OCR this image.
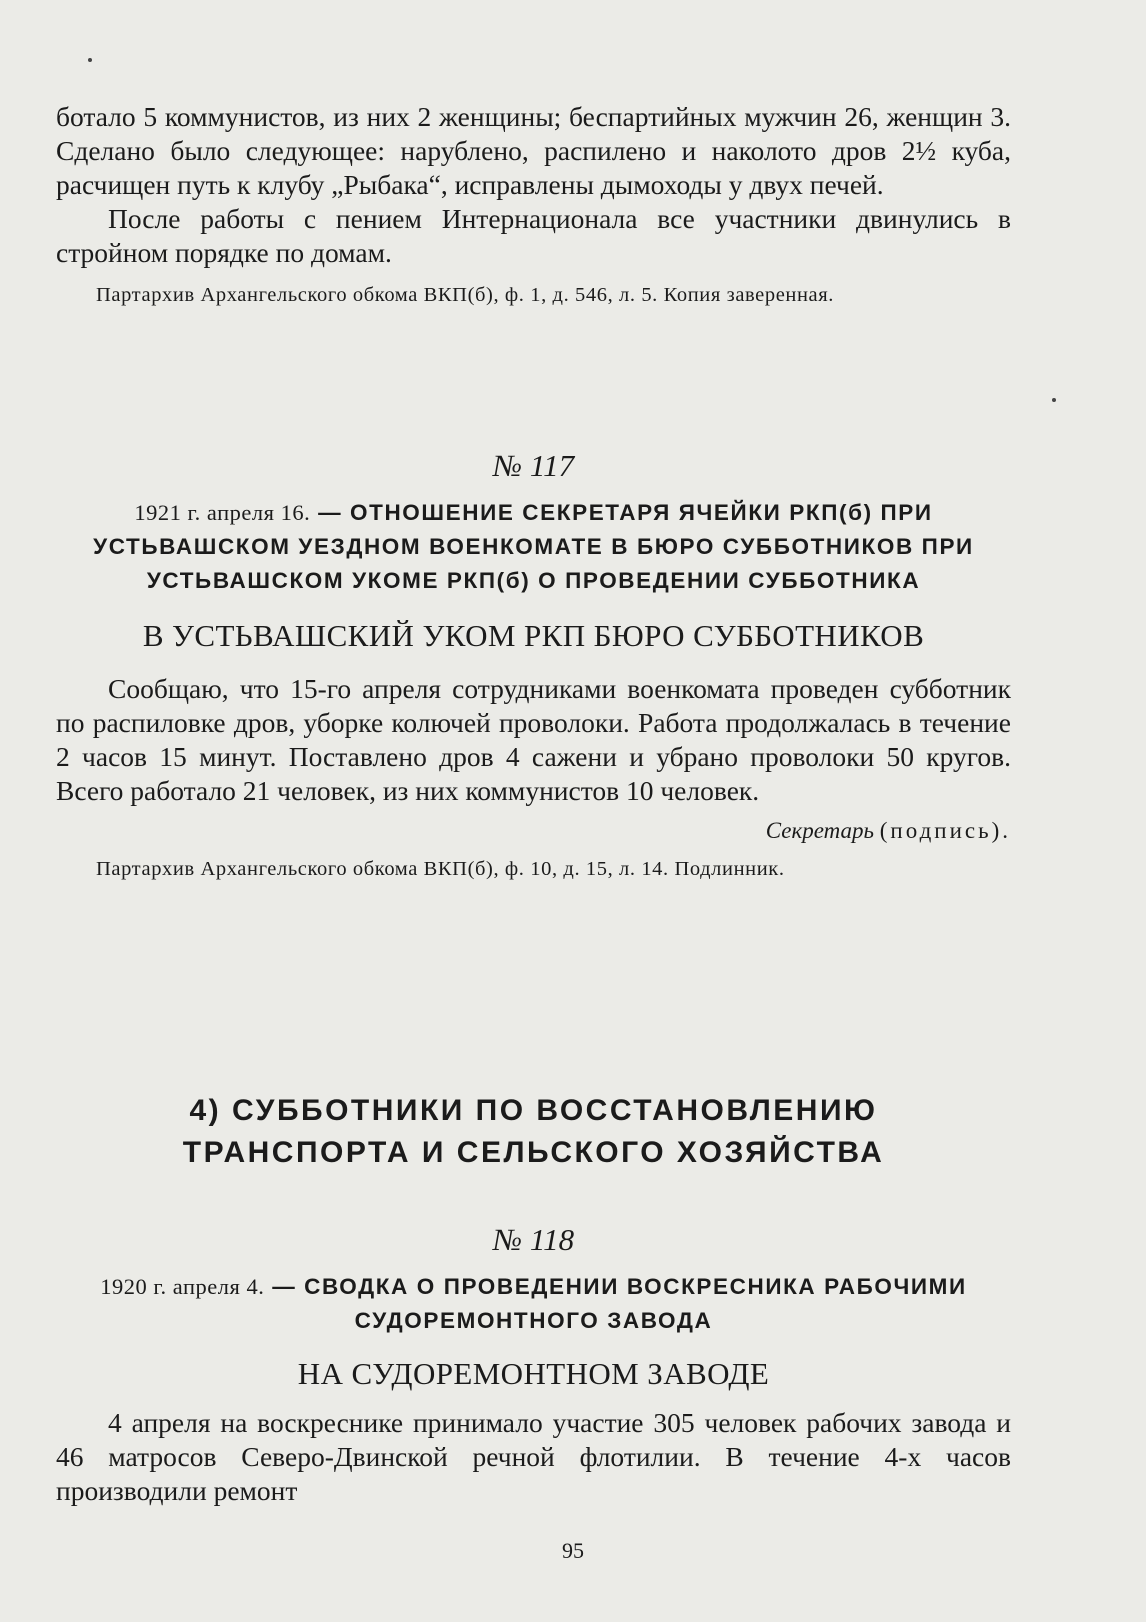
ботало 5 коммунистов, из них 2 женщины; беспартийных мужчин 26, женщин 3. Сделано было следующее: нарублено, распилено и наколото дров 2½ куба, расчищен путь к клубу „Рыбака“, исправлены дымоходы у двух печей.

После работы с пением Интернационала все участники двинулись в стройном порядке по домам.

Партархив Архангельского обкома ВКП(б), ф. 1, д. 546, л. 5. Копия заверенная.

№ 117

1921 г. апреля 16. — ОТНОШЕНИЕ СЕКРЕТАРЯ ЯЧЕЙКИ РКП(б) ПРИ УСТЬВАШСКОМ УЕЗДНОМ ВОЕНКОМАТЕ В БЮРО СУББОТНИКОВ ПРИ УСТЬВАШСКОМ УКОМЕ РКП(б) О ПРОВЕДЕНИИ СУББОТНИКА

В УСТЬВАШСКИЙ УКОМ РКП БЮРО СУББОТНИКОВ

Сообщаю, что 15-го апреля сотрудниками военкомата проведен субботник по распиловке дров, уборке колючей проволоки. Работа продолжалась в течение 2 часов 15 минут. Поставлено дров 4 сажени и убрано проволоки 50 кругов. Всего работало 21 человек, из них коммунистов 10 человек.

Секретарь (подпись).

Партархив Архангельского обкома ВКП(б), ф. 10, д. 15, л. 14. Подлинник.

4) СУББОТНИКИ ПО ВОССТАНОВЛЕНИЮ

ТРАНСПОРТА И СЕЛЬСКОГО ХОЗЯЙСТВА

№ 118

1920 г. апреля 4. — СВОДКА О ПРОВЕДЕНИИ ВОСКРЕСНИКА РАБОЧИМИ СУДОРЕМОНТНОГО ЗАВОДА

НА СУДОРЕМОНТНОМ ЗАВОДЕ

4 апреля на воскреснике принимало участие 305 человек рабочих завода и 46 матросов Северо-Двинской речной флотилии. В течение 4-х часов производили ремонт

95
